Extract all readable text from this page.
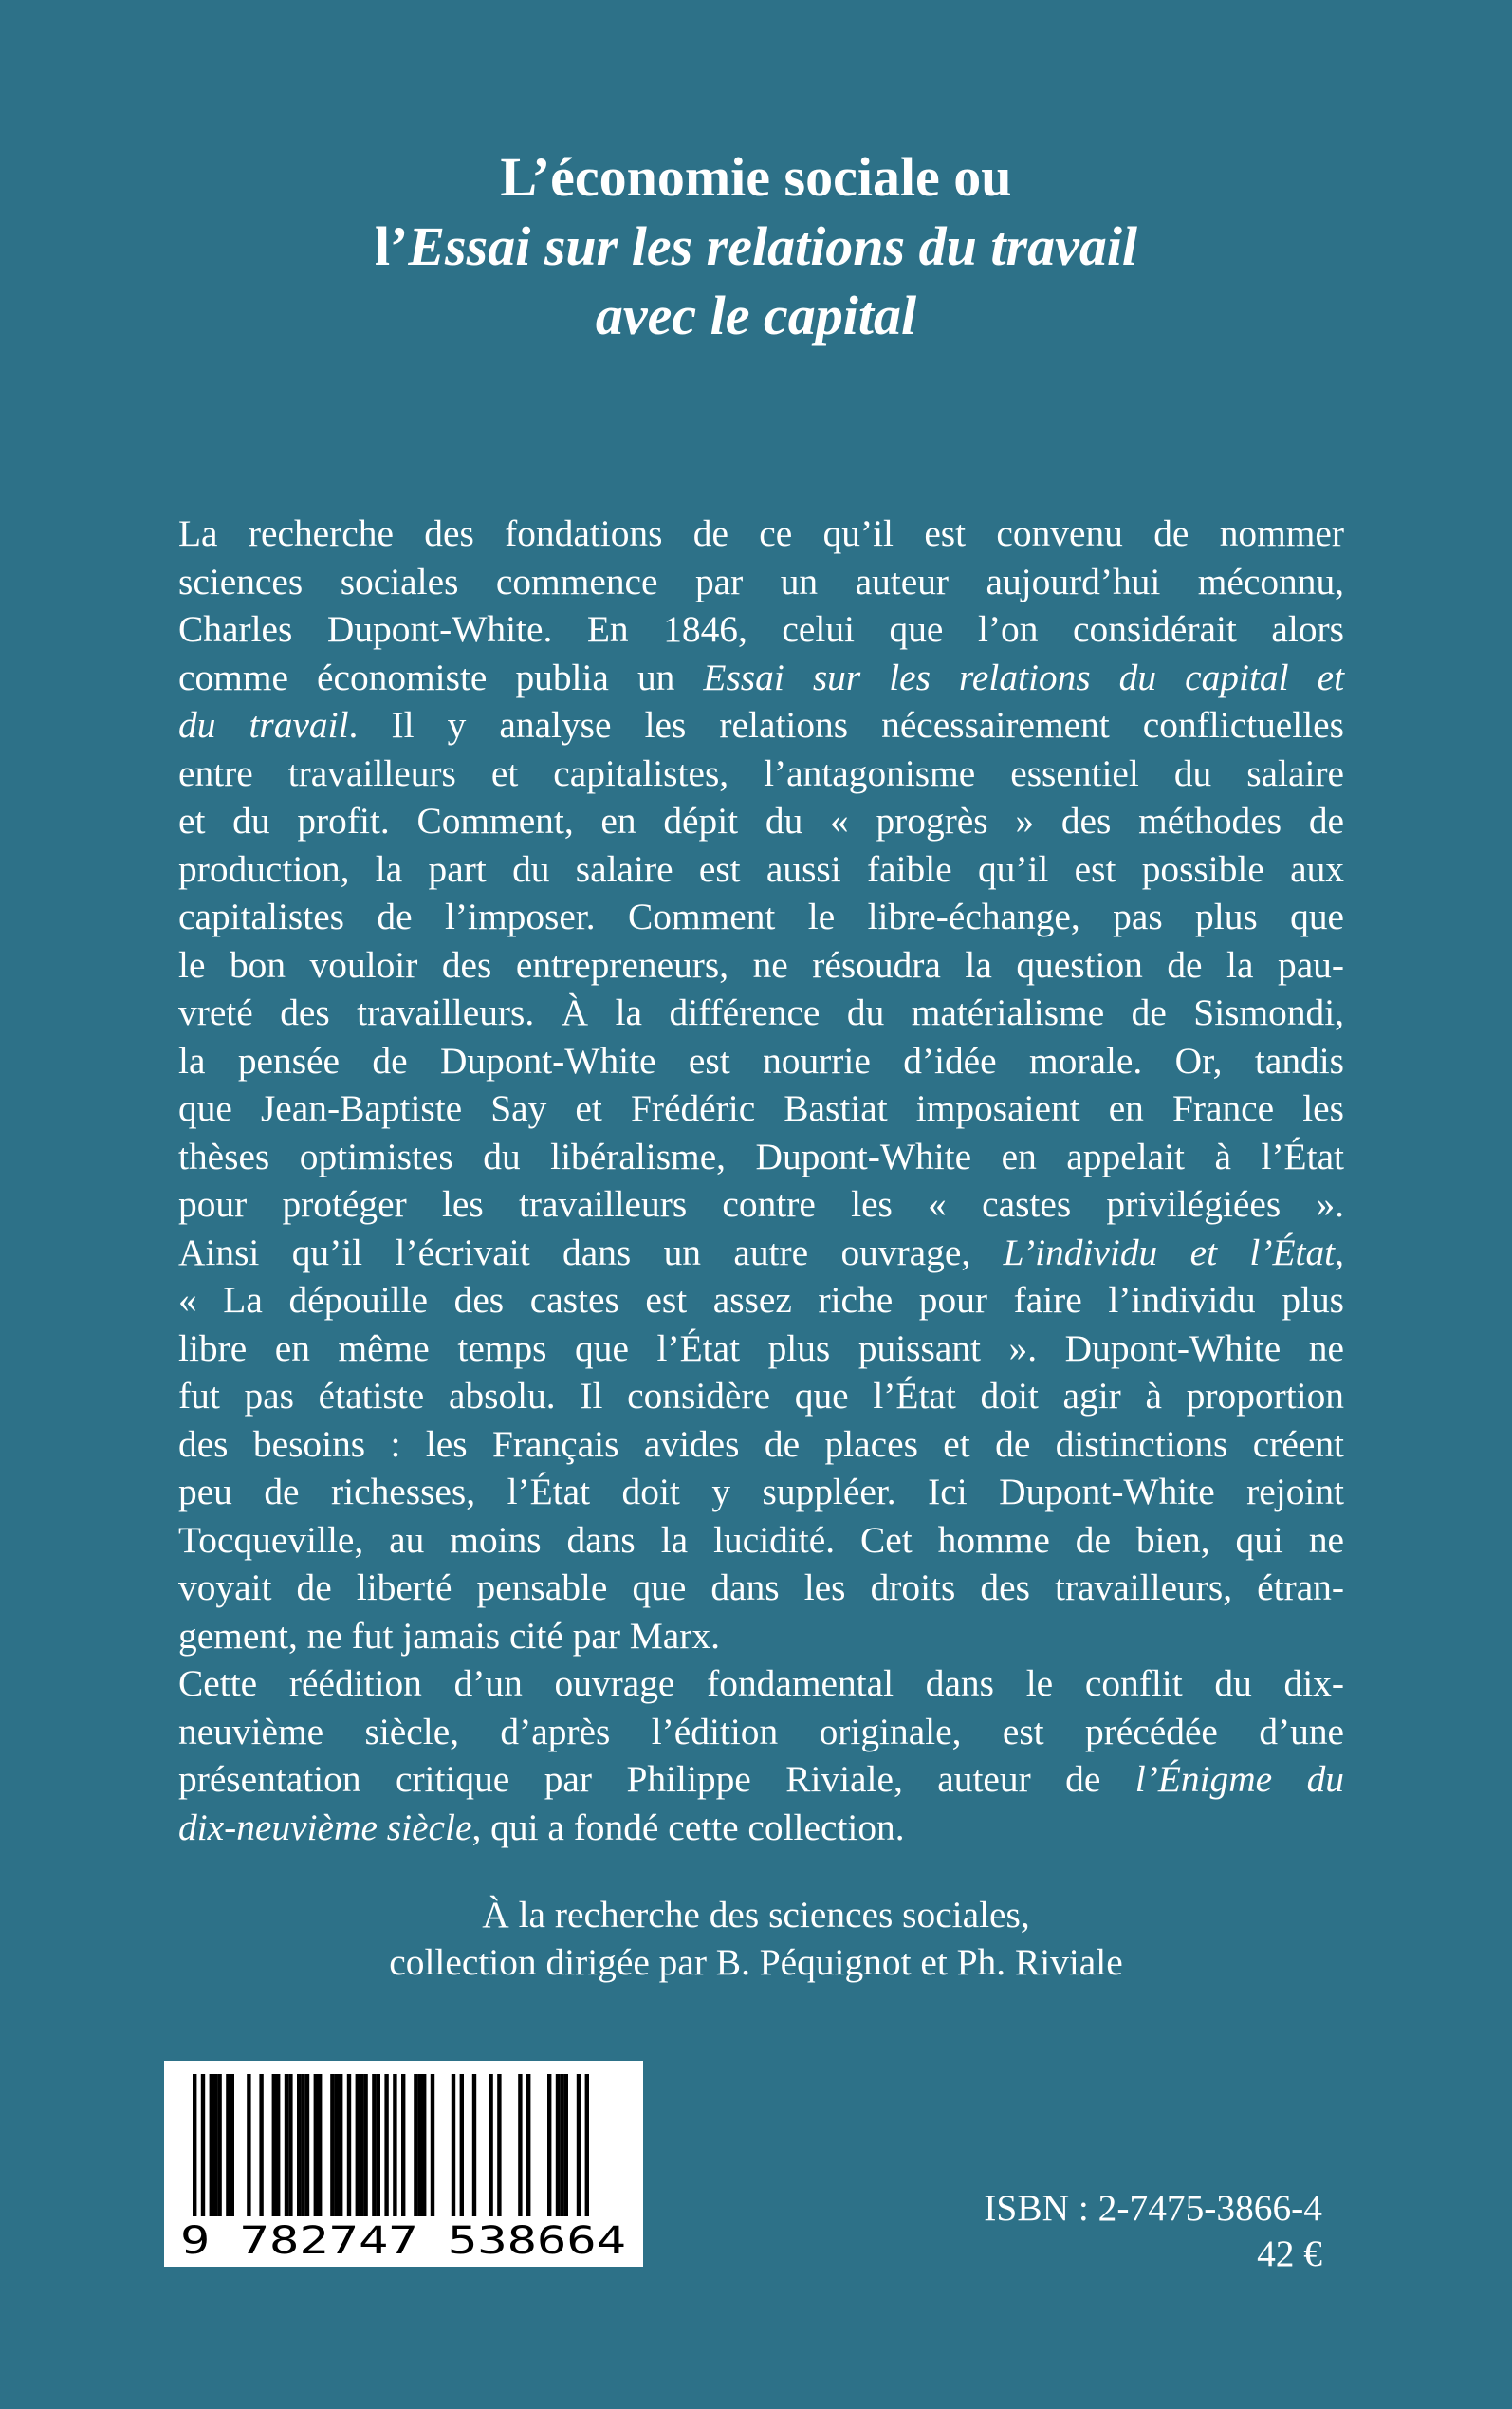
L’économie sociale ou
l’Essai sur les relations du travail
avec le capital
La recherche des fondations de ce qu’il est convenu de nommer
sciences sociales commence par un auteur aujourd’hui méconnu,
Charles Dupont-White. En 1846, celui que l’on considérait alors
comme économiste publia un Essai sur les relations du capital et
du travail. Il y analyse les relations nécessairement conflictuelles
entre travailleurs et capitalistes, l’antagonisme essentiel du salaire
et du profit. Comment, en dépit du « progrès » des méthodes de
production, la part du salaire est aussi faible qu’il est possible aux
capitalistes de l’imposer. Comment le libre-échange, pas plus que
le bon vouloir des entrepreneurs, ne résoudra la question de la pau-
vreté des travailleurs. À la différence du matérialisme de Sismondi,
la pensée de Dupont-White est nourrie d’idée morale. Or, tandis
que Jean-Baptiste Say et Frédéric Bastiat imposaient en France les
thèses optimistes du libéralisme, Dupont-White en appelait à l’État
pour protéger les travailleurs contre les « castes privilégiées ».
Ainsi qu’il l’écrivait dans un autre ouvrage, L’individu et l’État,
« La dépouille des castes est assez riche pour faire l’individu plus
libre en même temps que l’État plus puissant ». Dupont-White ne
fut pas étatiste absolu. Il considère que l’État doit agir à proportion
des besoins : les Français avides de places et de distinctions créent
peu de richesses, l’État doit y suppléer. Ici Dupont-White rejoint
Tocqueville, au moins dans la lucidité. Cet homme de bien, qui ne
voyait de liberté pensable que dans les droits des travailleurs, étran-
gement, ne fut jamais cité par Marx.
Cette réédition d’un ouvrage fondamental dans le conflit du dix-
neuvième siècle, d’après l’édition originale, est précédée d’une
présentation critique par Philippe Riviale, auteur de l’Énigme du
dix-neuvième siècle, qui a fondé cette collection.
À la recherche des sciences sociales,
collection dirigée par B. Péquignot et Ph. Riviale
9 782747 538664
ISBN : 2-7475-3866-4
42 €
